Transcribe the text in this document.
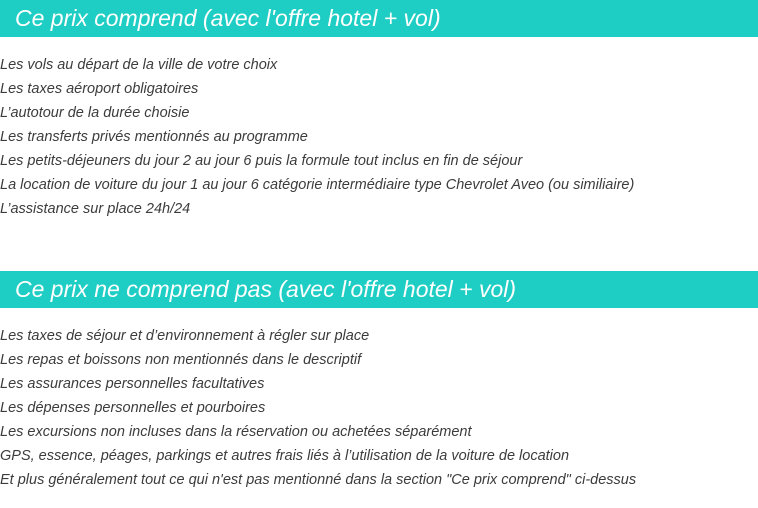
Ce prix comprend (avec l'offre hotel + vol)
Les vols au départ de la ville de votre choix
Les taxes aéroport obligatoires
L’autotour de la durée choisie
Les transferts privés mentionnés au programme
Les petits-déjeuners du jour 2 au jour 6 puis la formule tout inclus en fin de séjour
La location de voiture du jour 1 au jour 6 catégorie intermédiaire type Chevrolet Aveo (ou similiaire)
L’assistance sur place 24h/24
Ce prix ne comprend pas (avec l'offre hotel + vol)
Les taxes de séjour et d’environnement à régler sur place
Les repas et boissons non mentionnés dans le descriptif
Les assurances personnelles facultatives
Les dépenses personnelles et pourboires
Les excursions non incluses dans la réservation ou achetées séparément
GPS, essence, péages, parkings et autres frais liés à l’utilisation de la voiture de location
Et plus généralement tout ce qui n'est pas mentionné dans la section "Ce prix comprend" ci-dessus
